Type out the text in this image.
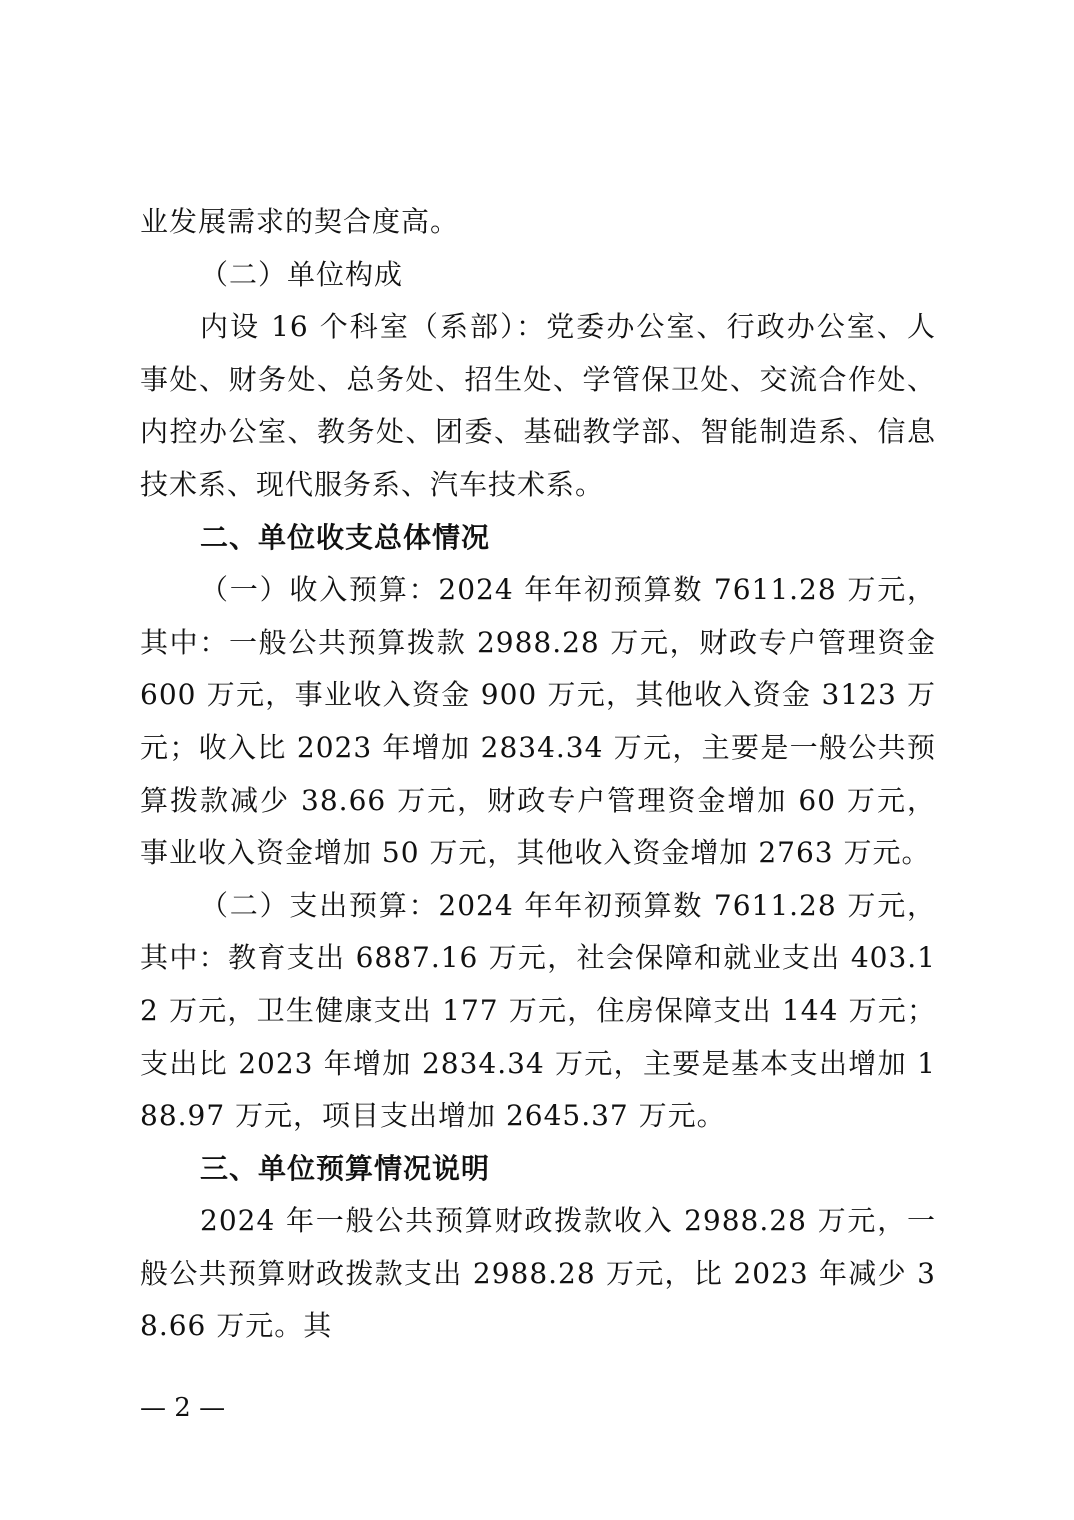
业发展需求的契合度高。

（二）单位构成

内设 16 个科室（系部）：党委办公室、行政办公室、人事处、财务处、总务处、招生处、学管保卫处、交流合作处、内控办公室、教务处、团委、基础教学部、智能制造系、信息技术系、现代服务系、汽车技术系。

二、单位收支总体情况

（一）收入预算：2024 年年初预算数 7611.28 万元，其中：一般公共预算拨款 2988.28 万元，财政专户管理资金 600 万元，事业收入资金 900 万元，其他收入资金 3123 万元；收入比 2023 年增加 2834.34 万元，主要是一般公共预算拨款减少 38.66 万元，财政专户管理资金增加 60 万元，事业收入资金增加 50 万元，其他收入资金增加 2763 万元。

（二）支出预算：2024 年年初预算数 7611.28 万元，其中：教育支出 6887.16 万元，社会保障和就业支出 403.12 万元，卫生健康支出 177 万元，住房保障支出 144 万元；支出比 2023 年增加 2834.34 万元，主要是基本支出增加 188.97 万元，项目支出增加 2645.37 万元。

三、单位预算情况说明

2024 年一般公共预算财政拨款收入 2988.28 万元，一般公共预算财政拨款支出 2988.28 万元，比 2023 年减少 38.66 万元。其

— 2 —
